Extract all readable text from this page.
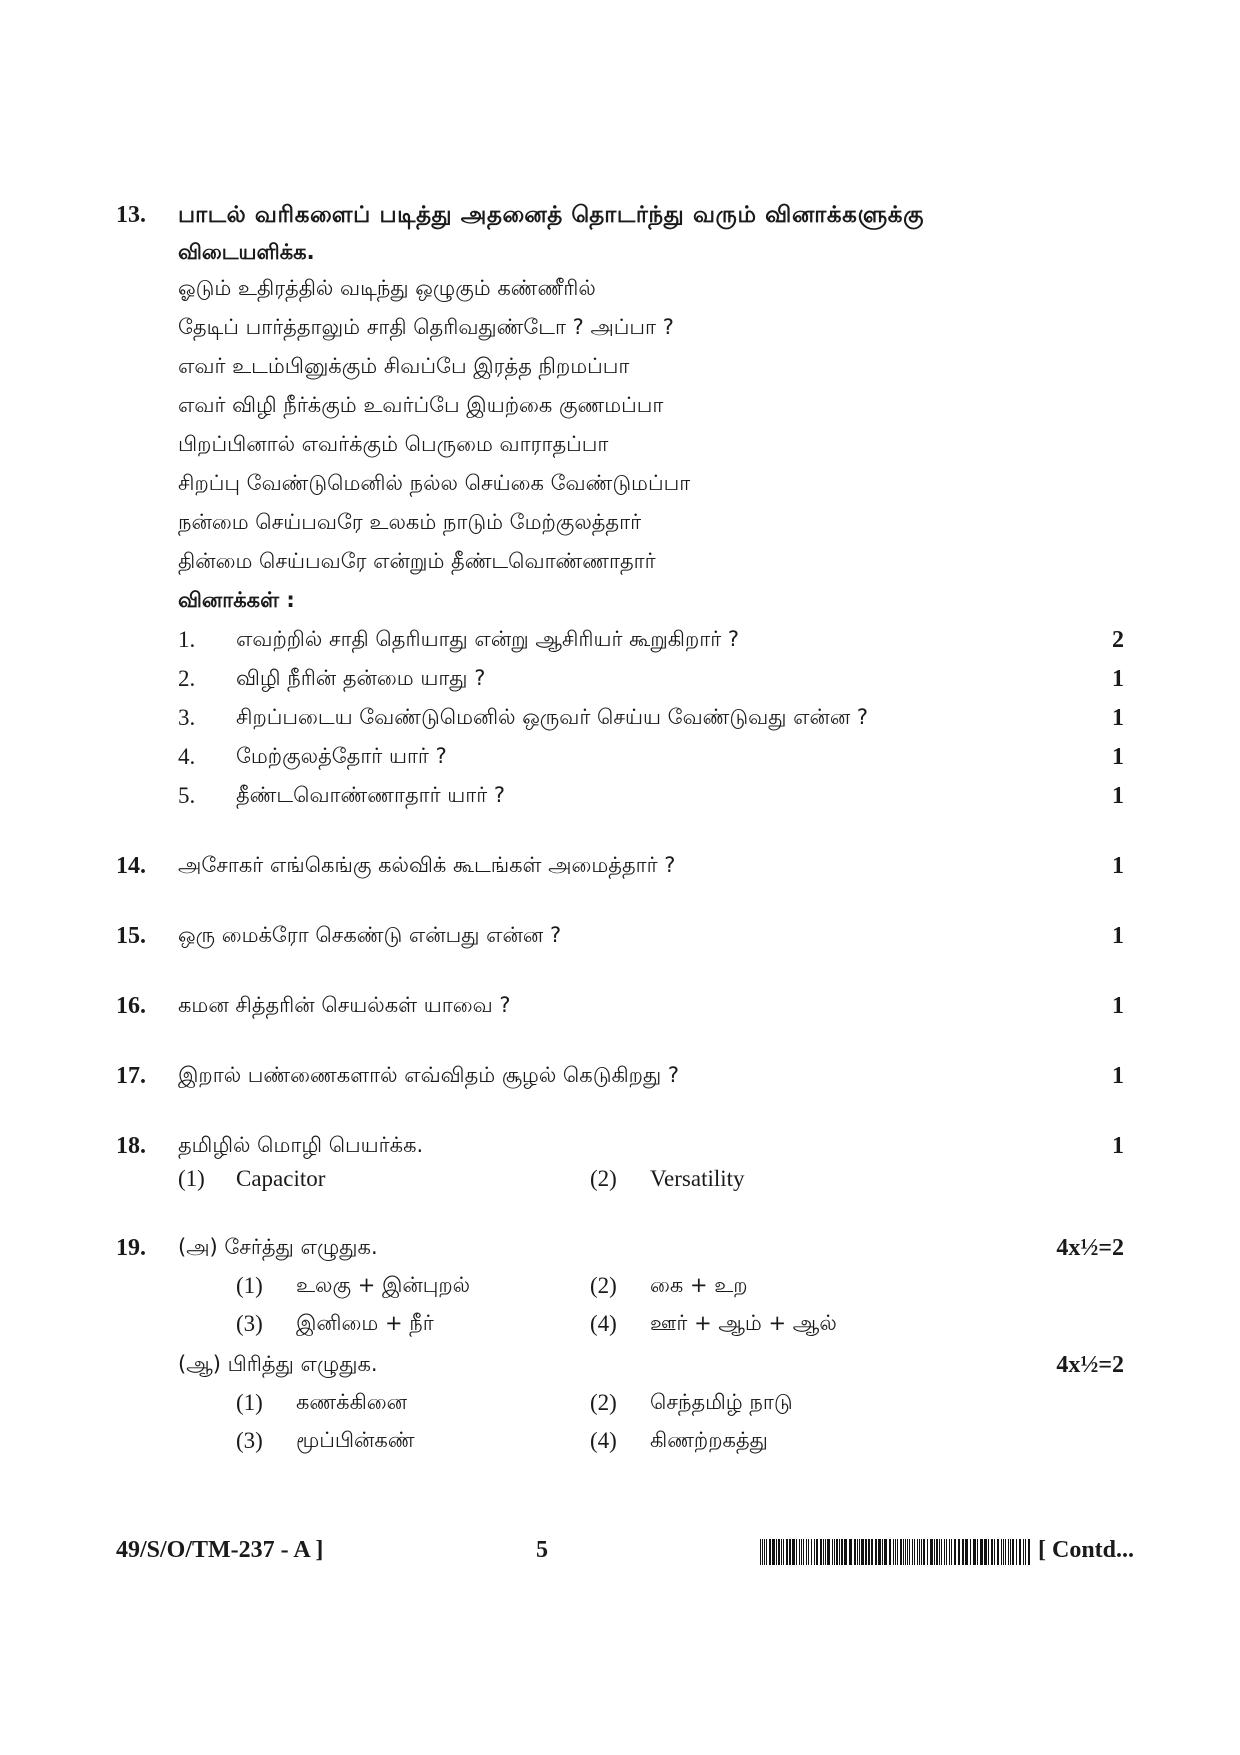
13. பாடல் வரிகளைப் படித்து அதனைத் தொடர்ந்து வரும் வினாக்களுக்கு
விடையளிக்க.
ஓடும் உதிரத்தில் வடிந்து ஒழுகும் கண்ணீரில்
தேடிப் பார்த்தாலும் சாதி தெரிவதுண்டோ ? அப்பா ?
எவர் உடம்பினுக்கும் சிவப்பே இரத்த நிறமப்பா
எவர் விழி நீர்க்கும் உவர்ப்பே இயற்கை குணமப்பா
பிறப்பினால் எவர்க்கும் பெருமை வாராதப்பா
சிறப்பு வேண்டுமெனில் நல்ல செய்கை வேண்டுமப்பா
நன்மை செய்பவரே உலகம் நாடும் மேற்குலத்தார்
தின்மை செய்பவரே என்றும் தீண்டவொண்ணாதார்
வினாக்கள் :
1. எவற்றில் சாதி தெரியாது என்று ஆசிரியர் கூறுகிறார் ?	2
2. விழி நீரின் தன்மை யாது ?	1
3. சிறப்படைய வேண்டுமெனில் ஒருவர் செய்ய வேண்டுவது என்ன ?	1
4. மேற்குலத்தோர் யார் ?	1
5. தீண்டவொண்ணாதார் யார் ?	1
14. அசோகர் எங்கெங்கு கல்விக் கூடங்கள் அமைத்தார் ?	1
15. ஒரு மைக்ரோ செகண்டு என்பது என்ன ?	1
16. கமன சித்தரின் செயல்கள் யாவை ?	1
17. இறால் பண்ணைகளால் எவ்விதம் சூழல் கெடுகிறது ?	1
18. தமிழில் மொழி பெயர்க்க.	1
(1) Capacitor	(2) Versatility
19. (அ) சேர்த்து எழுதுக.	4x½=2
(1) உலகு + இன்புறல்	(2) கை + உற
(3) இனிமை + நீர்	(4) ஊர் + ஆம் + ஆல்
(ஆ) பிரித்து எழுதுக.	4x½=2
(1) கணக்கினை	(2) செந்தமிழ் நாடு
(3) மூப்பின்கண்	(4) கிணற்றகத்து
49/S/O/TM-237 - A ]	5	[ Contd...
